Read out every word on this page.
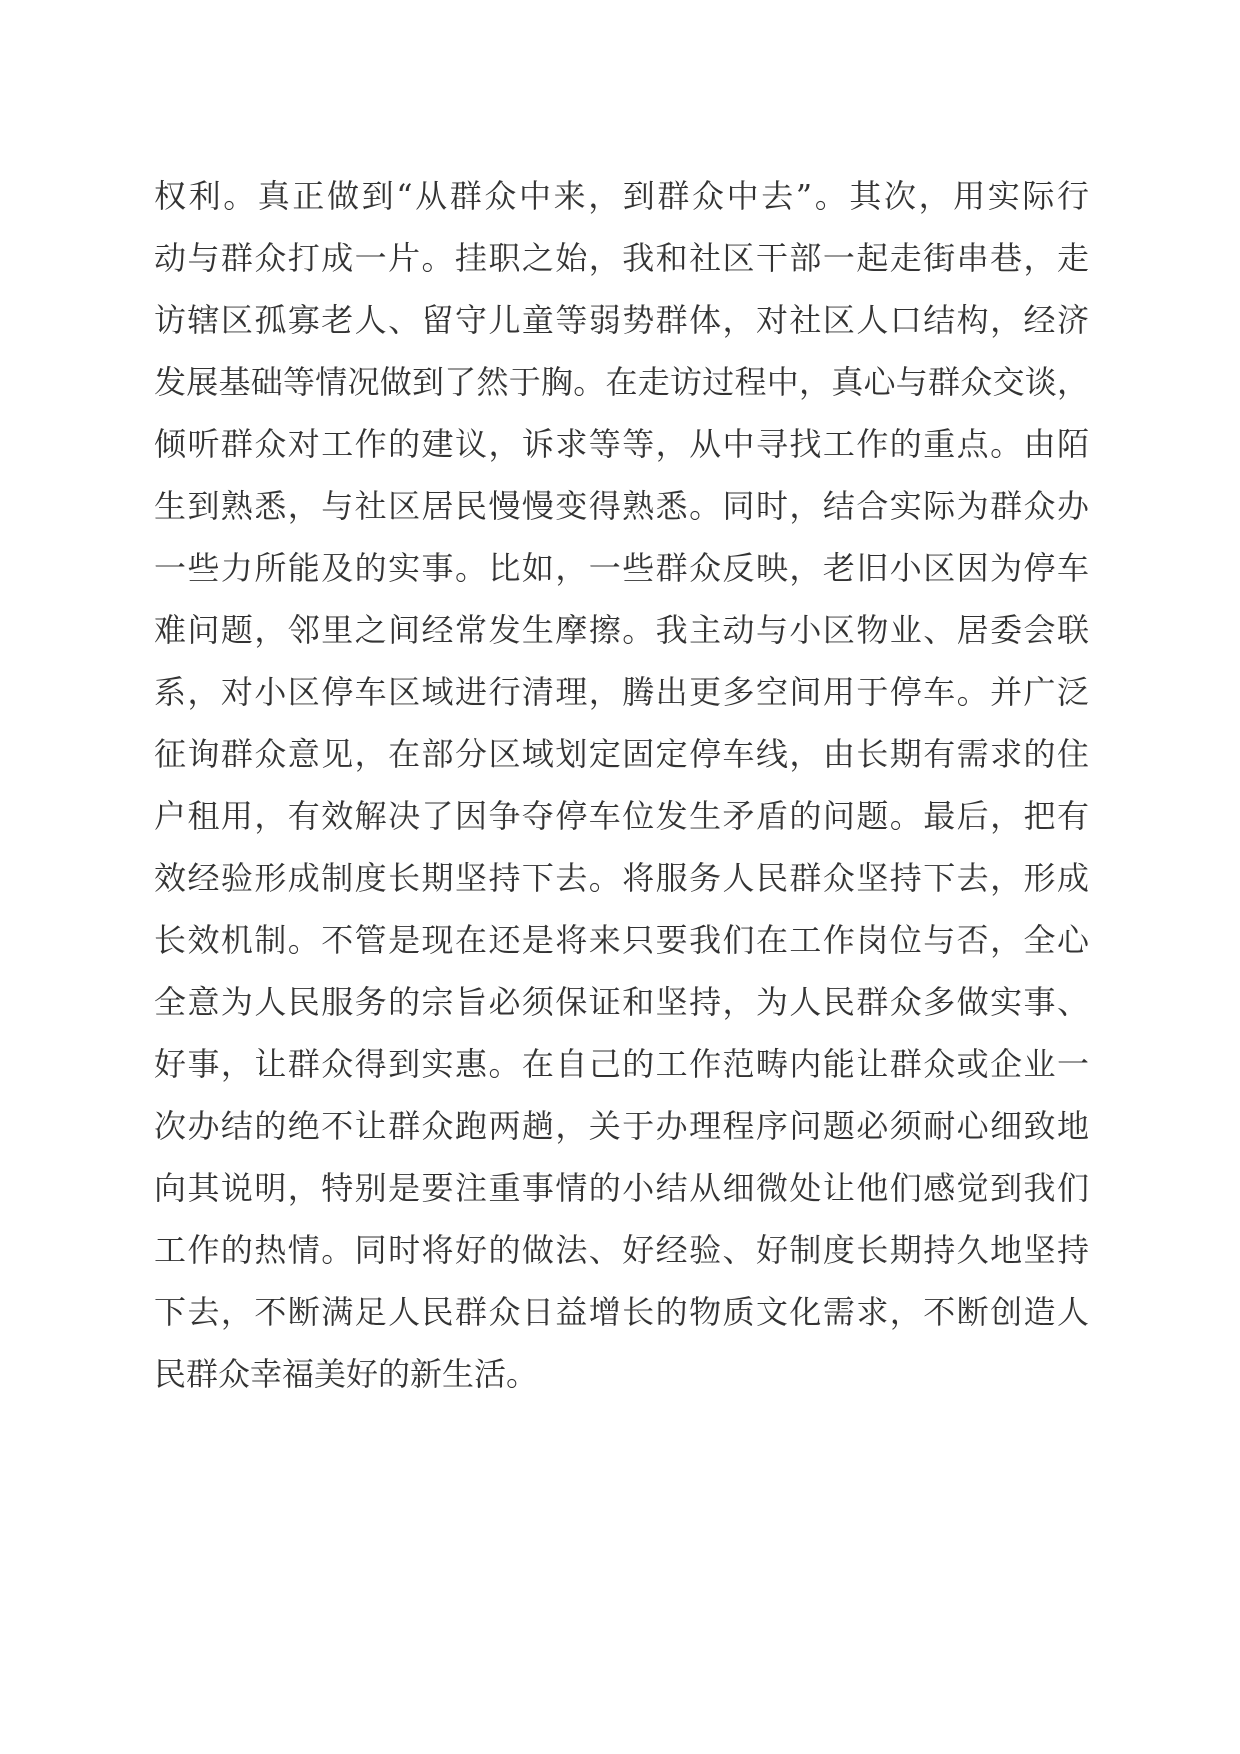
权利。真正做到“从群众中来，到群众中去”。其次，用实际行
动与群众打成一片。挂职之始，我和社区干部一起走街串巷，走
访辖区孤寡老人、留守儿童等弱势群体，对社区人口结构，经济
发展基础等情况做到了然于胸。在走访过程中，真心与群众交谈，
倾听群众对工作的建议，诉求等等，从中寻找工作的重点。由陌
生到熟悉，与社区居民慢慢变得熟悉。同时，结合实际为群众办
一些力所能及的实事。比如，一些群众反映，老旧小区因为停车
难问题，邻里之间经常发生摩擦。我主动与小区物业、居委会联
系，对小区停车区域进行清理，腾出更多空间用于停车。并广泛
征询群众意见，在部分区域划定固定停车线，由长期有需求的住
户租用，有效解决了因争夺停车位发生矛盾的问题。最后，把有
效经验形成制度长期坚持下去。将服务人民群众坚持下去，形成
长效机制。不管是现在还是将来只要我们在工作岗位与否，全心
全意为人民服务的宗旨必须保证和坚持，为人民群众多做实事、
好事，让群众得到实惠。在自己的工作范畴内能让群众或企业一
次办结的绝不让群众跑两趟，关于办理程序问题必须耐心细致地
向其说明，特别是要注重事情的小结从细微处让他们感觉到我们
工作的热情。同时将好的做法、好经验、好制度长期持久地坚持
下去，不断满足人民群众日益增长的物质文化需求，不断创造人
民群众幸福美好的新生活。
